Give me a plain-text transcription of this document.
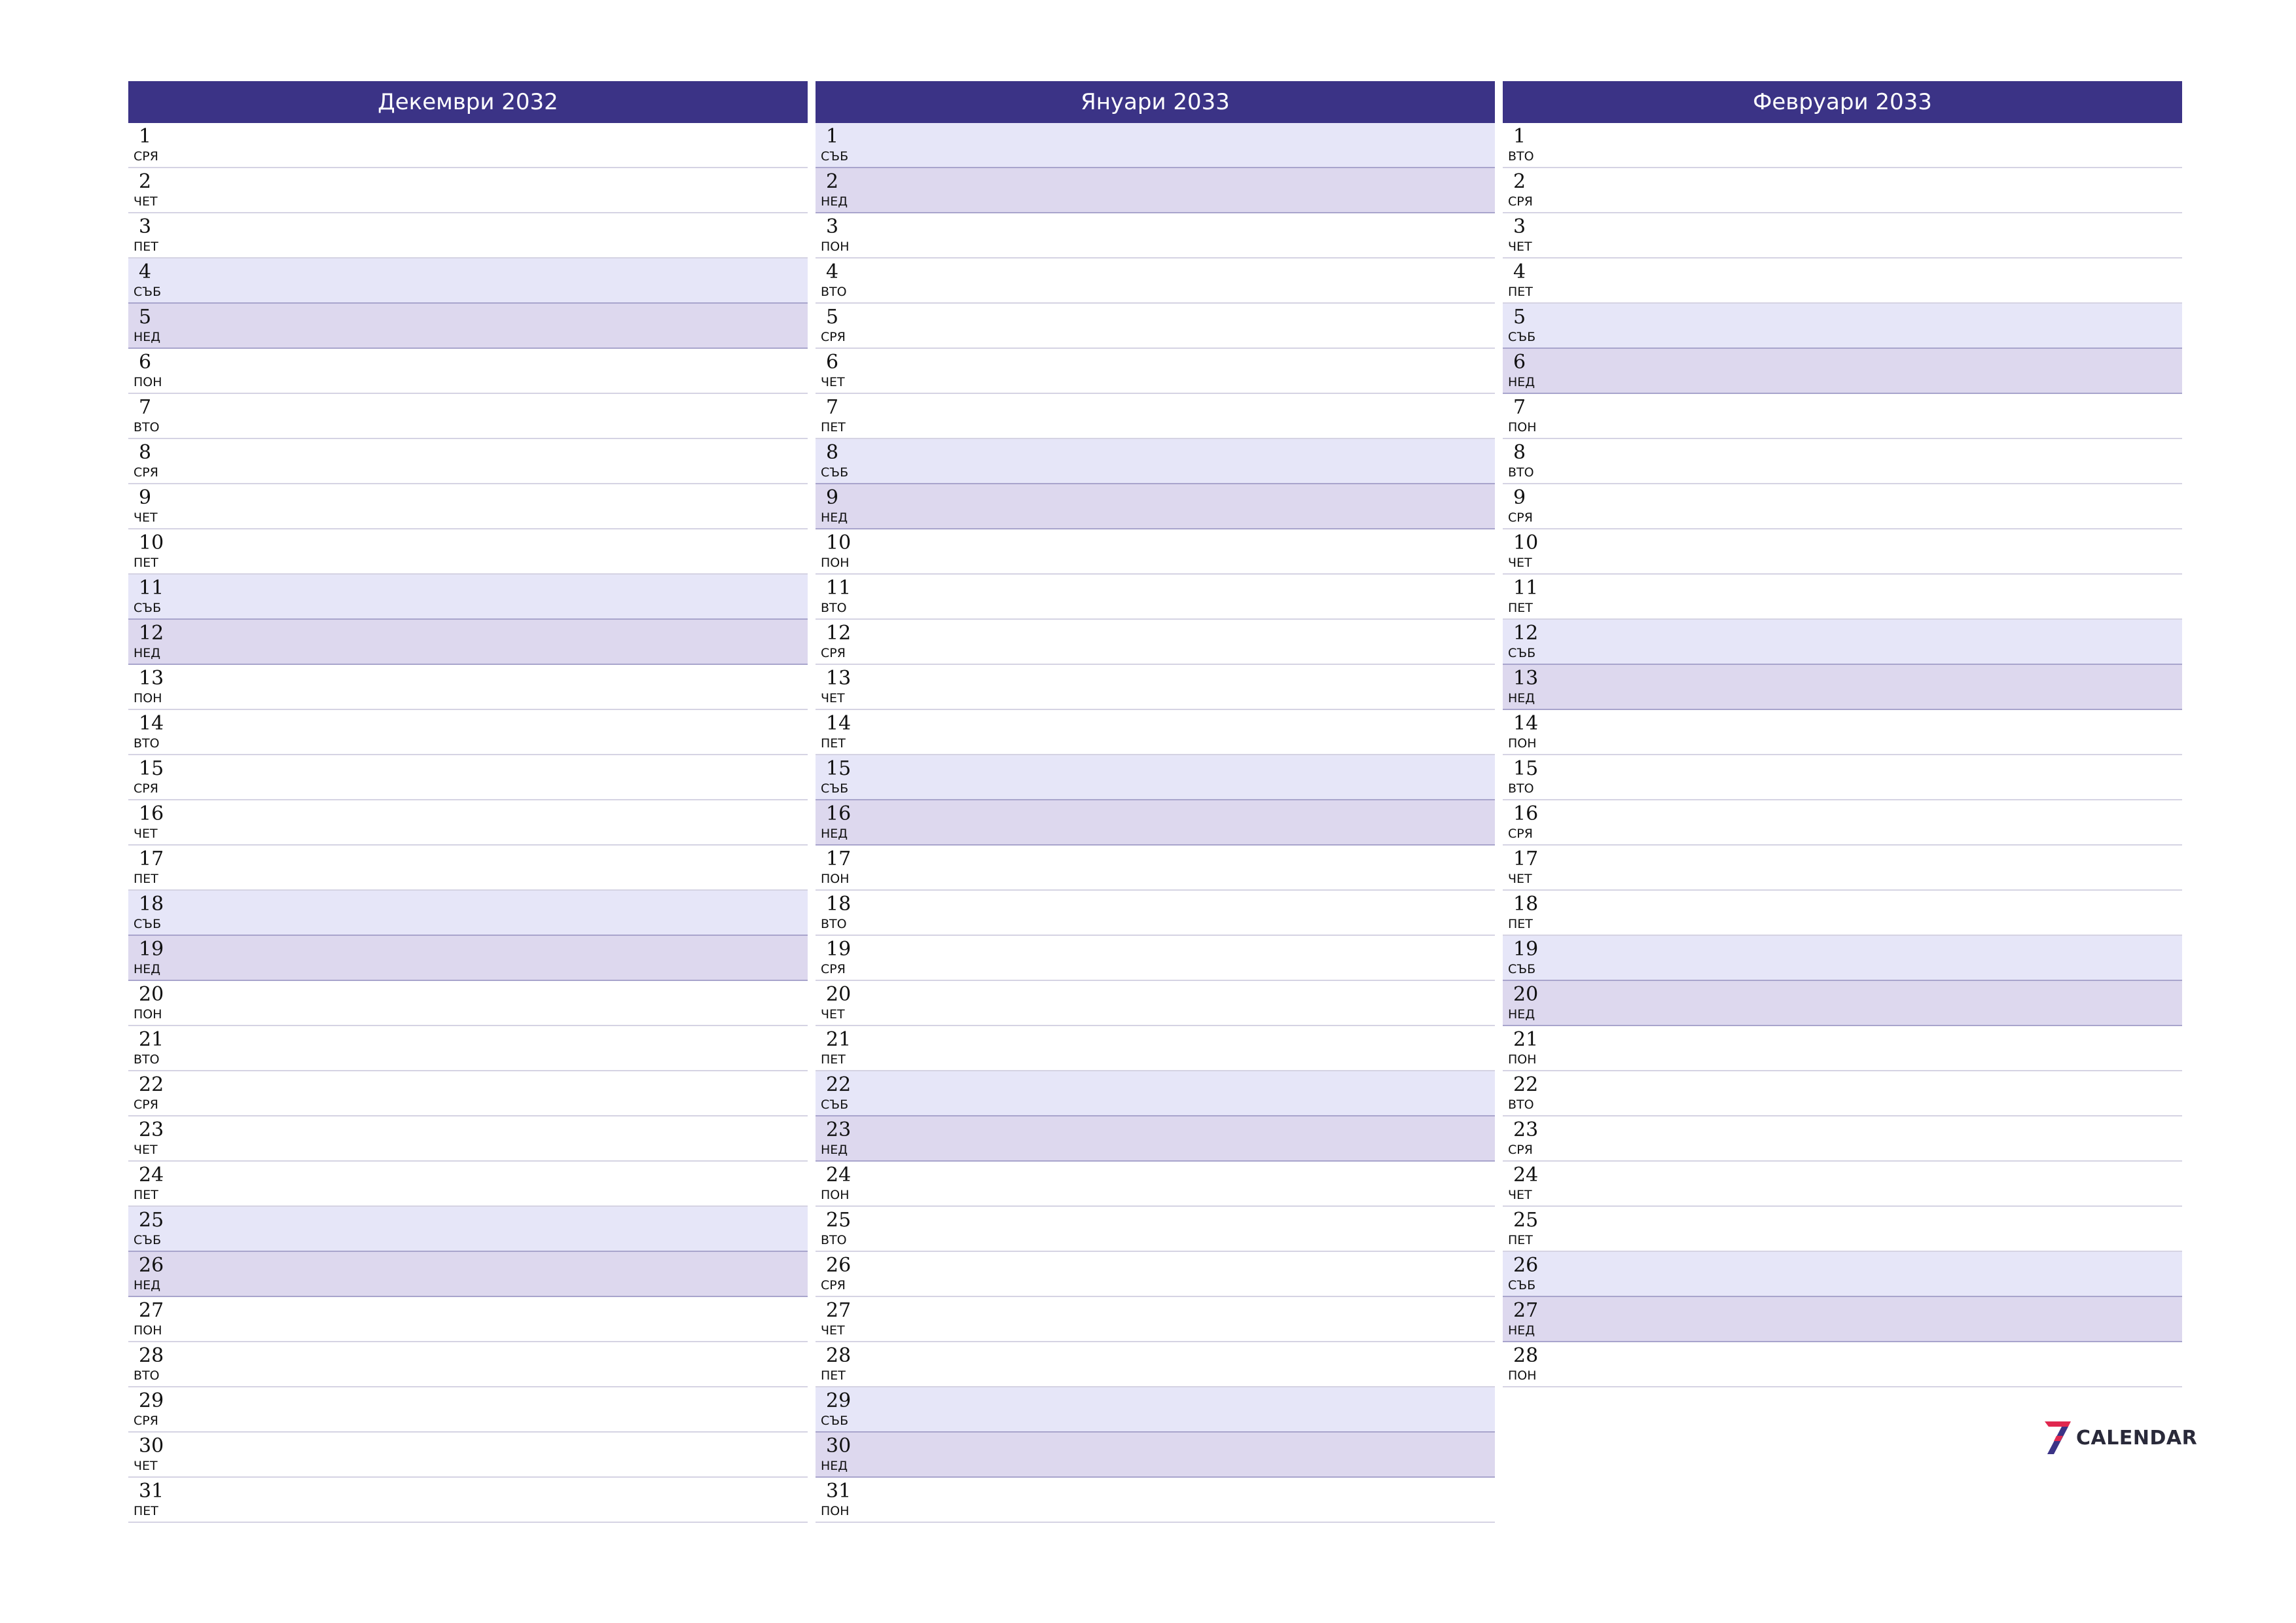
Декември 2032
1
СРЯ
2
ЧЕТ
3
ПЕТ
4
СЪБ
5
НЕД
6
ПОН
7
ВТО
8
СРЯ
9
ЧЕТ
10
ПЕТ
11
СЪБ
12
НЕД
13
ПОН
14
ВТО
15
СРЯ
16
ЧЕТ
17
ПЕТ
18
СЪБ
19
НЕД
20
ПОН
21
ВТО
22
СРЯ
23
ЧЕТ
24
ПЕТ
25
СЪБ
26
НЕД
27
ПОН
28
ВТО
29
СРЯ
30
ЧЕТ
31
ПЕТ
Януари 2033
1
СЪБ
2
НЕД
3
ПОН
4
ВТО
5
СРЯ
6
ЧЕТ
7
ПЕТ
8
СЪБ
9
НЕД
10
ПОН
11
ВТО
12
СРЯ
13
ЧЕТ
14
ПЕТ
15
СЪБ
16
НЕД
17
ПОН
18
ВТО
19
СРЯ
20
ЧЕТ
21
ПЕТ
22
СЪБ
23
НЕД
24
ПОН
25
ВТО
26
СРЯ
27
ЧЕТ
28
ПЕТ
29
СЪБ
30
НЕД
31
ПОН
Февруари 2033
1
ВТО
2
СРЯ
3
ЧЕТ
4
ПЕТ
5
СЪБ
6
НЕД
7
ПОН
8
ВТО
9
СРЯ
10
ЧЕТ
11
ПЕТ
12
СЪБ
13
НЕД
14
ПОН
15
ВТО
16
СРЯ
17
ЧЕТ
18
ПЕТ
19
СЪБ
20
НЕД
21
ПОН
22
ВТО
23
СРЯ
24
ЧЕТ
25
ПЕТ
26
СЪБ
27
НЕД
28
ПОН
CALENDAR
